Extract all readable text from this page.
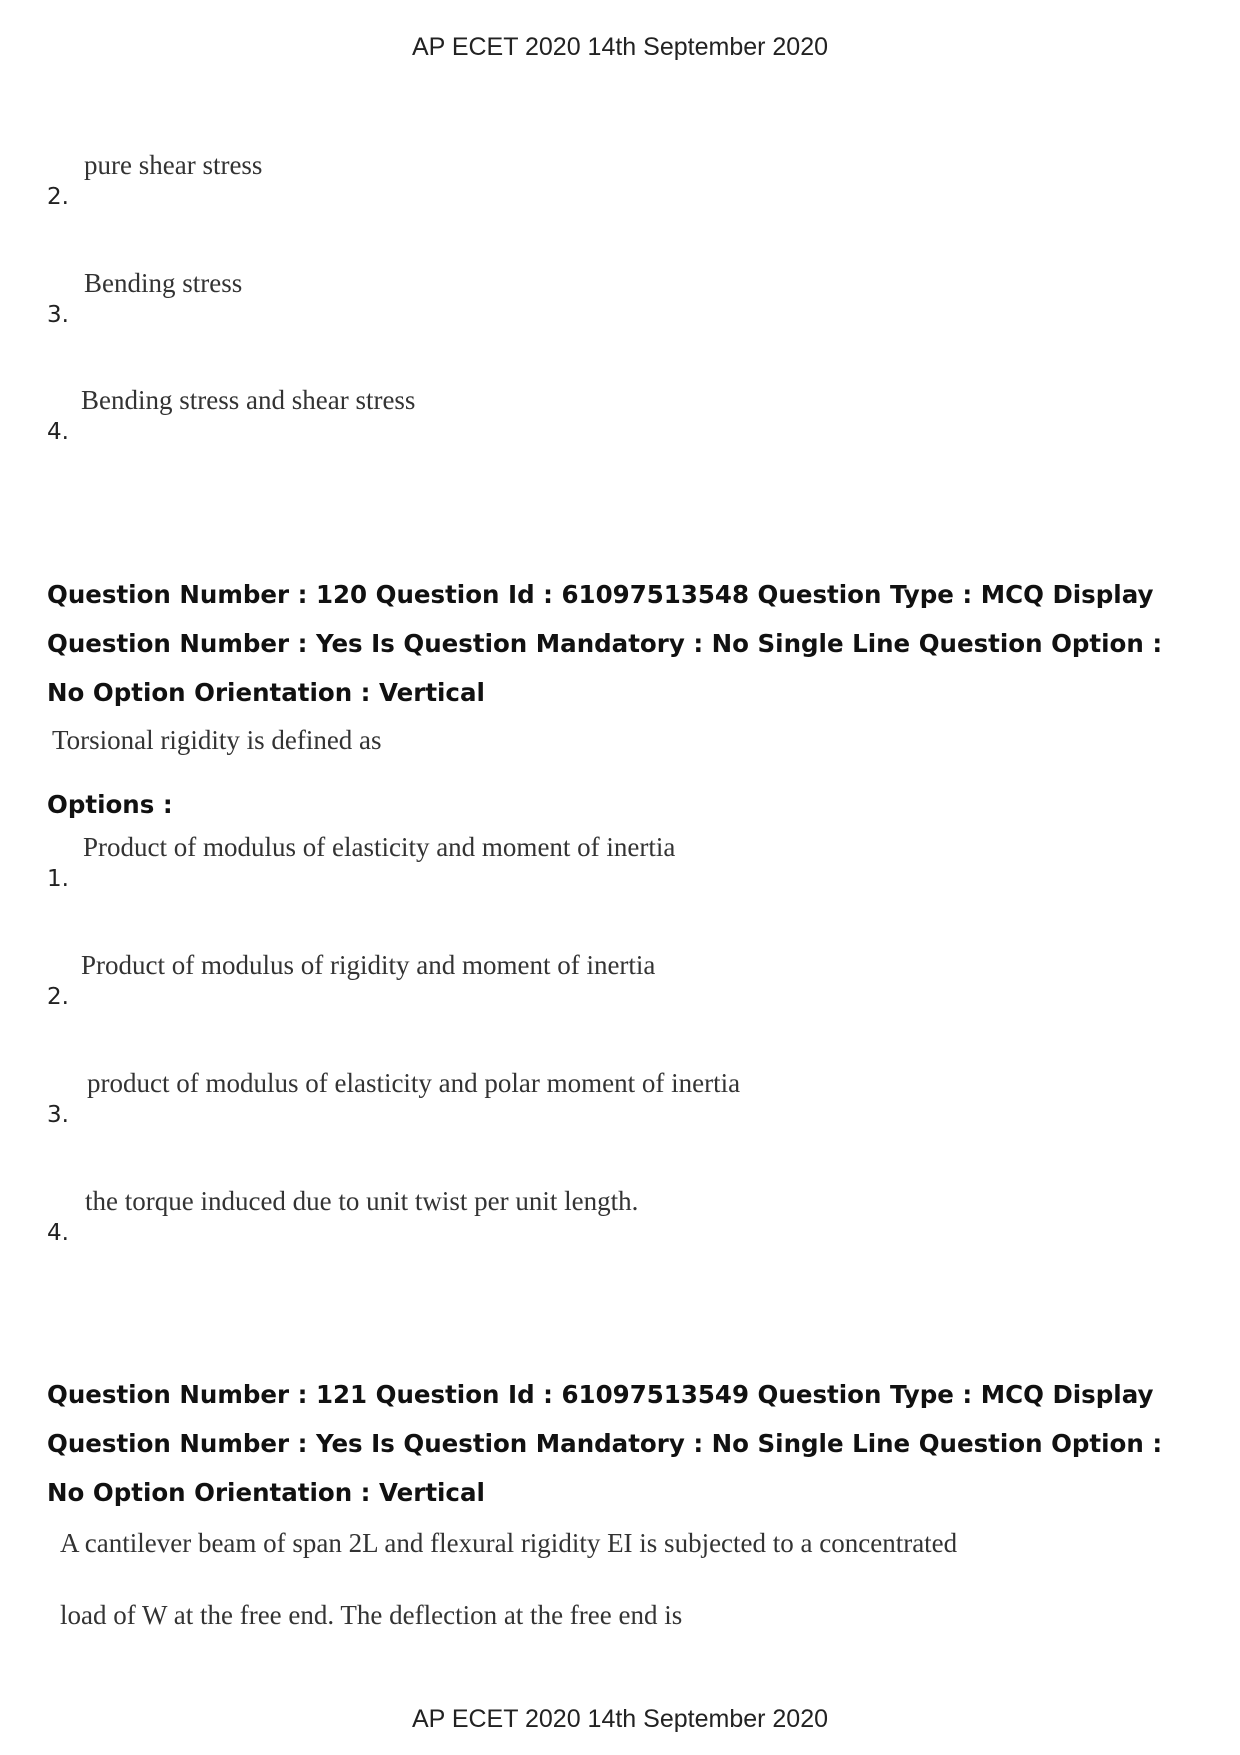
AP ECET 2020 14th September 2020
2.
pure shear stress
3.
Bending stress
4.
Bending stress and shear stress
Question Number : 120 Question Id : 61097513548 Question Type : MCQ Display Question Number : Yes Is Question Mandatory : No Single Line Question Option : No Option Orientation : Vertical
Torsional rigidity is defined as
Options :
1.
Product of modulus of elasticity and moment of inertia
2.
Product of modulus of rigidity and moment of inertia
3.
product of modulus of elasticity and polar moment of inertia
4.
the torque induced due to unit twist per unit length.
Question Number : 121 Question Id : 61097513549 Question Type : MCQ Display Question Number : Yes Is Question Mandatory : No Single Line Question Option : No Option Orientation : Vertical
A cantilever beam of span 2L and flexural rigidity EI is subjected to a concentrated
load of W at the free end. The deflection at the free end is
AP ECET 2020 14th September 2020
